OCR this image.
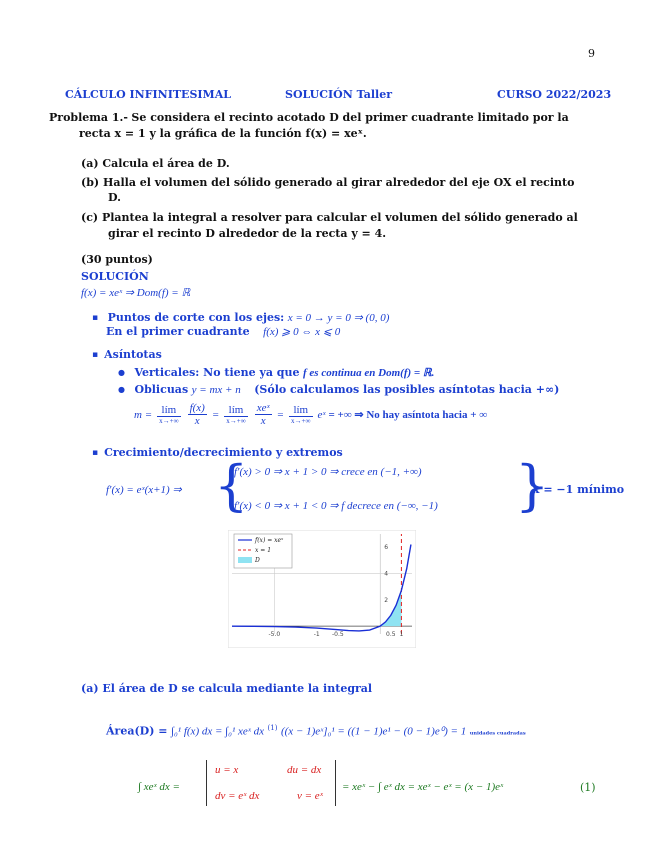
9
CÁLCULO INFINITESIMAL	SOLUCIÓN Taller	CURSO 2022/2023
Problema 1.- Se considera el recinto acotado D del primer cuadrante limitado por la
recta x = 1 y la gráfica de la función f(x) = xeˣ.
(a) Calcula el área de D.
(b) Halla el volumen del sólido generado al girar alrededor del eje OX el recinto
D.
(c) Plantea la integral a resolver para calcular el volumen del sólido generado al
girar el recinto D alrededor de la recta y = 4.
(30 puntos)
SOLUCIÓN
f(x) = xeˣ ⇒ Dom(f) = ℝ
▪ Puntos de corte con los ejes: x = 0 → y = 0 ⇒ (0, 0)
En el primer cuadrante f(x) ⩾ 0 ⇔ x ⩽ 0
▪ Asíntotas
● Verticales: No tiene ya que f es continua en Dom(f) = ℝ.
● Oblicuas y = mx + n (Sólo calculamos las posibles asíntotas hacia +∞)
$m = \frac{\text{lím}}{x\to+\infty} \frac{f(x)}{x} = \frac{\text{lím}}{x\to+\infty} \frac{\text{xeˣ}}{x} = \frac{\text{lím}}{x\to+\infty}$ eˣ = +∞ ⇒ No hay asíntota hacia + ∞
▪ Crecimiento/decrecimiento y extremos
f′(x) = eˣ(x+1) ⇒ {
f′(x) > 0 ⇒ x + 1 > 0 ⇒ crece en (−1, +∞)
f′(x) < 0 ⇒ x + 1 < 0 ⇒ f decrece en (−∞, −1) }
x = −1 mínimo
-5.0	-1 -0.5	0.5 1
2
4
6
f(x) = xeˣ
x = 1
D
(a) El área de D se calcula mediante la integral
Área(D) = ∫₀¹ f(x) dx = ∫₀¹ xeˣ dx $^{(1)}$ ((x − 1)eˣ]₀¹ = ((1 − 1)e¹ − (0 − 1)e⁰) = 1 unidades cuadradas
∫ xeˣ dx =
u = x	du = dx
dv = eˣ dx	v = eˣ
= xeˣ − ∫ eˣ dx = xeˣ − eˣ = (x − 1)eˣ	(1)
